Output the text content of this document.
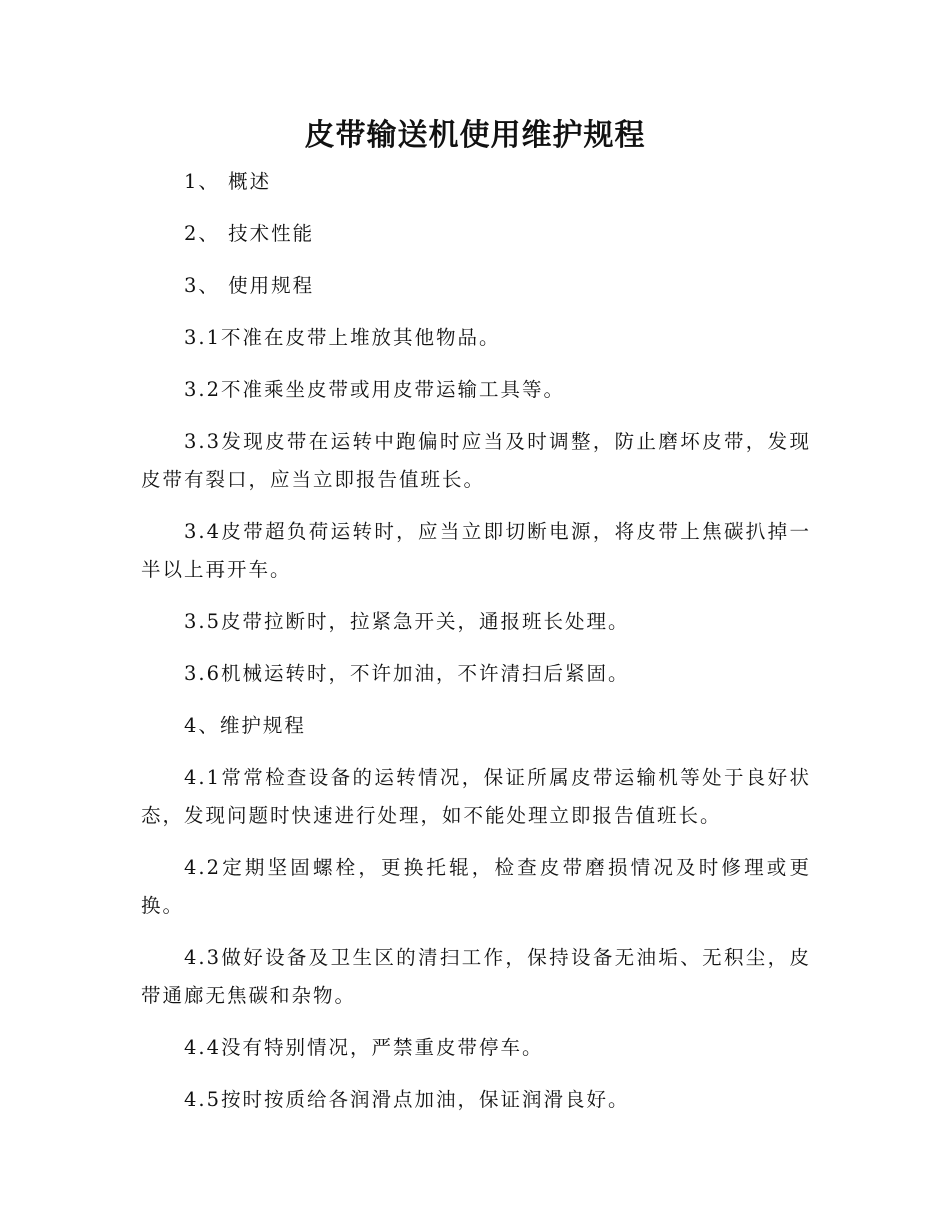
皮带输送机使用维护规程

1、 概述

2、 技术性能

3、 使用规程

3.1不准在皮带上堆放其他物品。

3.2不准乘坐皮带或用皮带运输工具等。

3.3发现皮带在运转中跑偏时应当及时调整，防止磨坏皮带，发现皮带有裂口，应当立即报告值班长。

3.4皮带超负荷运转时，应当立即切断电源，将皮带上焦碳扒掉一半以上再开车。

3.5皮带拉断时，拉紧急开关，通报班长处理。

3.6机械运转时，不许加油，不许清扫后紧固。

4、维护规程

4.1常常检查设备的运转情况，保证所属皮带运输机等处于良好状态，发现问题时快速进行处理，如不能处理立即报告值班长。

4.2定期坚固螺栓，更换托辊，检查皮带磨损情况及时修理或更换。

4.3做好设备及卫生区的清扫工作，保持设备无油垢、无积尘，皮带通廊无焦碳和杂物。

4.4没有特别情况，严禁重皮带停车。

4.5按时按质给各润滑点加油，保证润滑良好。
